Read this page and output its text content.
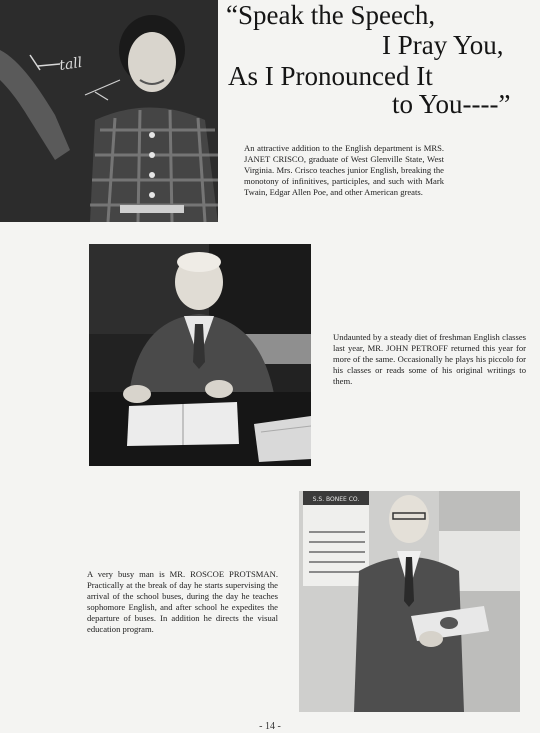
“Speak the Speech,
I Pray You,
As I Pronounced It
to You----”
tall
An attractive addition to the English department is MRS. JANET CRISCO, graduate of West Glenville State, West Virginia. Mrs. Crisco teaches junior English, breaking the monotony of infinitives, participles, and such with Mark Twain, Edgar Allen Poe, and other American greats.
Undaunted by a steady diet of freshman English classes last year, MR. JOHN PETROFF returned this year for more of the same. Occasionally he plays his piccolo for his classes or reads some of his original writings to them.
S.S. BONEE CO.
A very busy man is MR. ROSCOE PROTSMAN. Practically at the break of day he starts supervising the arrival of the school buses, during the day he teaches sophomore English, and after school he expedites the departure of buses. In addition he directs the visual education program.
- 14 -
